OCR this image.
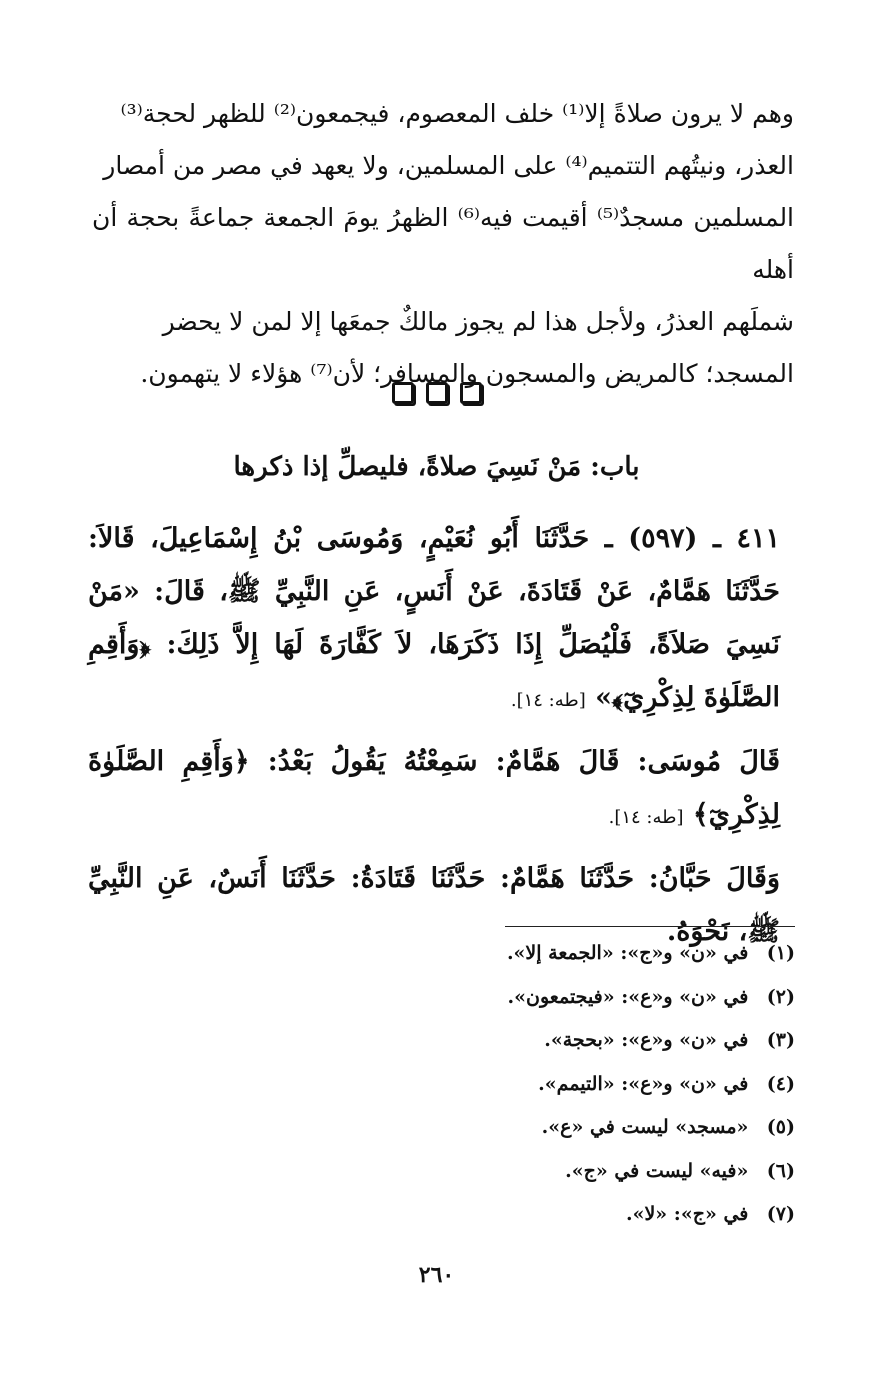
وهم لا يرون صلاةً إلا⁽¹⁾ خلف المعصوم، فيجمعون⁽²⁾ للظهر لحجة⁽³⁾

العذر، ونيتُهم التتميم⁽⁴⁾ على المسلمين، ولا يعهد في مصر من أمصار

المسلمين مسجدٌ⁽⁵⁾ أقيمت فيه⁽⁶⁾ الظهرُ يومَ الجمعة جماعةً بحجة أن أهله

شملَهم العذرُ، ولأجل هذا لم يجوز مالكٌ جمعَها إلا لمن لا يحضر

المسجد؛ كالمريض والمسجون والمسافر؛ لأن⁽⁷⁾ هؤلاء لا يتهمون.

باب: مَنْ نَسِيَ صلاةً، فليصلِّ إذا ذكرها

٤١١ ـ (٥٩٧) ـ حَدَّثَنَا أَبُو نُعَيْمٍ، وَمُوسَى بْنُ إِسْمَاعِيلَ، قَالاَ: حَدَّثَنَا هَمَّامٌ، عَنْ قَتَادَةَ، عَنْ أَنَسٍ، عَنِ النَّبِيِّ ﷺ، قَالَ: «مَنْ نَسِيَ صَلاَةً، فَلْيُصَلِّ إِذَا ذَكَرَهَا، لاَ كَفَّارَةَ لَهَا إِلاَّ ذَلِكَ: ﴿وَأَقِمِ الصَّلَوٰةَ لِذِكْرِيٓ﴾» [طه: ١٤].

قَالَ مُوسَى: قَالَ هَمَّامٌ: سَمِعْتُهُ يَقُولُ بَعْدُ: ﴿وَأَقِمِ الصَّلَوٰةَ لِذِكْرِيٓ﴾ [طه: ١٤].

وَقَالَ حَبَّانُ: حَدَّثَنَا هَمَّامٌ: حَدَّثَنَا قَتَادَةُ: حَدَّثَنَا أَنَسٌ، عَنِ النَّبِيِّ ﷺ، نَحْوَهُ.

(١) في «ن» و«ج»: «الجمعة إلا».
(٢) في «ن» و«ع»: «فيجتمعون».
(٣) في «ن» و«ع»: «بحجة».
(٤) في «ن» و«ع»: «التيمم».
(٥) «مسجد» ليست في «ع».
(٦) «فيه» ليست في «ج».
(٧) في «ج»: «لا».
٢٦٠
